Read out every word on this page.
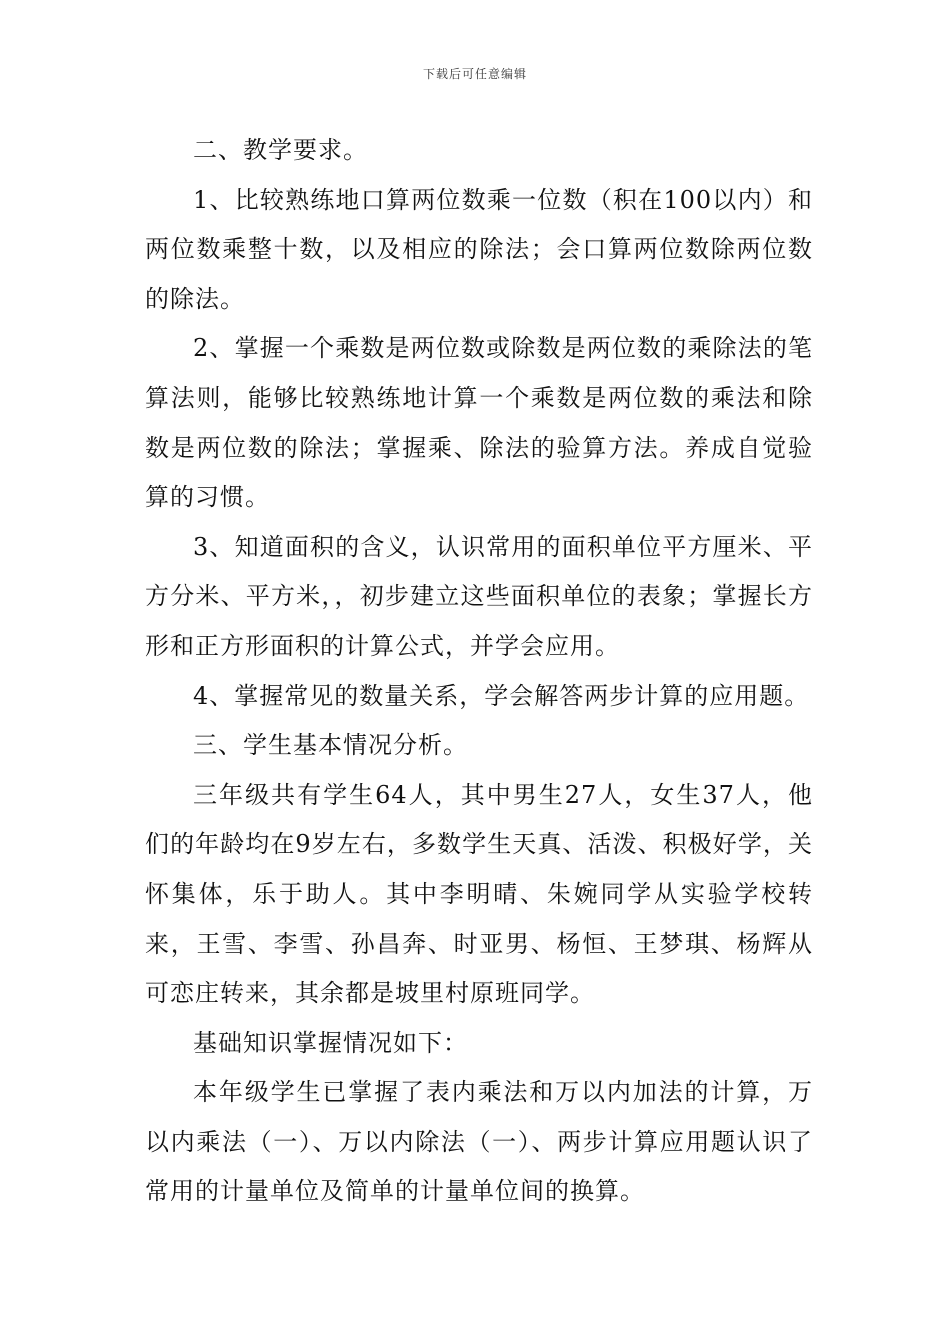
下载后可任意编辑

二、教学要求。

1、比较熟练地口算两位数乘一位数（积在100以内）和两位数乘整十数，以及相应的除法；会口算两位数除两位数的除法。

2、掌握一个乘数是两位数或除数是两位数的乘除法的笔算法则，能够比较熟练地计算一个乘数是两位数的乘法和除数是两位数的除法；掌握乘、除法的验算方法。养成自觉验算的习惯。

3、知道面积的含义，认识常用的面积单位平方厘米、平方分米、平方米，，初步建立这些面积单位的表象；掌握长方形和正方形面积的计算公式，并学会应用。

4、掌握常见的数量关系，学会解答两步计算的应用题。

三、学生基本情况分析。

三年级共有学生64人，其中男生27人，女生37人，他们的年龄均在9岁左右，多数学生天真、活泼、积极好学，关怀集体，乐于助人。其中李明晴、朱婉同学从实验学校转来，王雪、李雪、孙昌奔、时亚男、杨恒、王梦琪、杨辉从可恋庄转来，其余都是坡里村原班同学。

基础知识掌握情况如下：

本年级学生已掌握了表内乘法和万以内加法的计算，万以内乘法（一）、万以内除法（一）、两步计算应用题认识了常用的计量单位及简单的计量单位间的换算。
